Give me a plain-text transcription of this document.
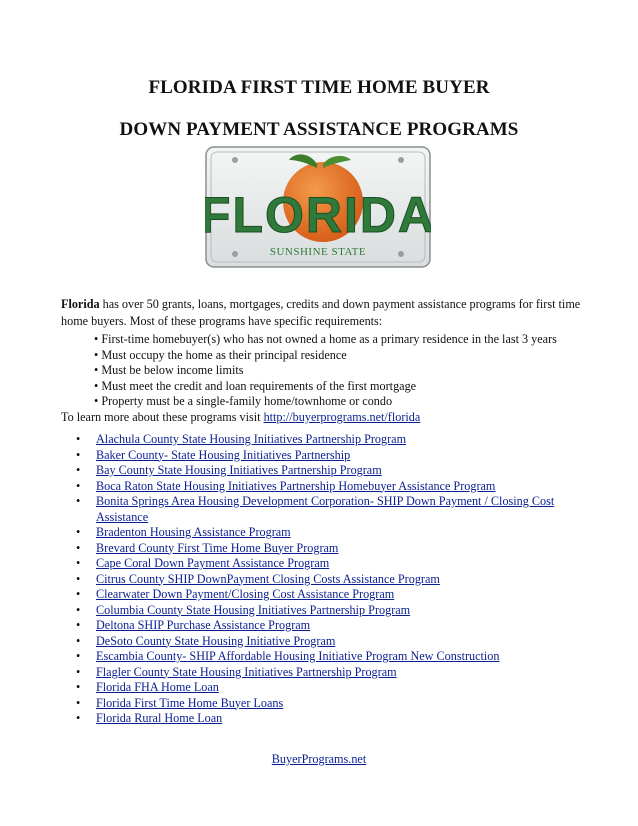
FLORIDA FIRST TIME HOME BUYER
DOWN PAYMENT ASSISTANCE PROGRAMS
FLORIDA
SUNSHINE STATE
Florida has over 50 grants, loans, mortgages, credits and down payment assistance programs for first time home buyers. Most of these programs have specific requirements:
• First-time homebuyer(s) who has not owned a home as a primary residence in the last 3 years
• Must occupy the home as their principal residence
• Must be below income limits
• Must meet the credit and loan requirements of the first mortgage
• Property must be a single-family home/townhome or condo
To learn more about these programs visit http://buyerprograms.net/florida
• Alachula County State Housing Initiatives Partnership Program
• Baker County- State Housing Initiatives Partnership
• Bay County State Housing Initiatives Partnership Program
• Boca Raton State Housing Initiatives Partnership Homebuyer Assistance Program
• Bonita Springs Area Housing Development Corporation- SHIP Down Payment / Closing Cost Assistance
• Bradenton Housing Assistance Program
• Brevard County First Time Home Buyer Program
• Cape Coral Down Payment Assistance Program
• Citrus County SHIP DownPayment Closing Costs Assistance Program
• Clearwater Down Payment/Closing Cost Assistance Program
• Columbia County State Housing Initiatives Partnership Program
• Deltona SHIP Purchase Assistance Program
• DeSoto County State Housing Initiative Program
• Escambia County- SHIP Affordable Housing Initiative Program New Construction
• Flagler County State Housing Initiatives Partnership Program
• Florida FHA Home Loan
• Florida First Time Home Buyer Loans
• Florida Rural Home Loan
BuyerPrograms.net
